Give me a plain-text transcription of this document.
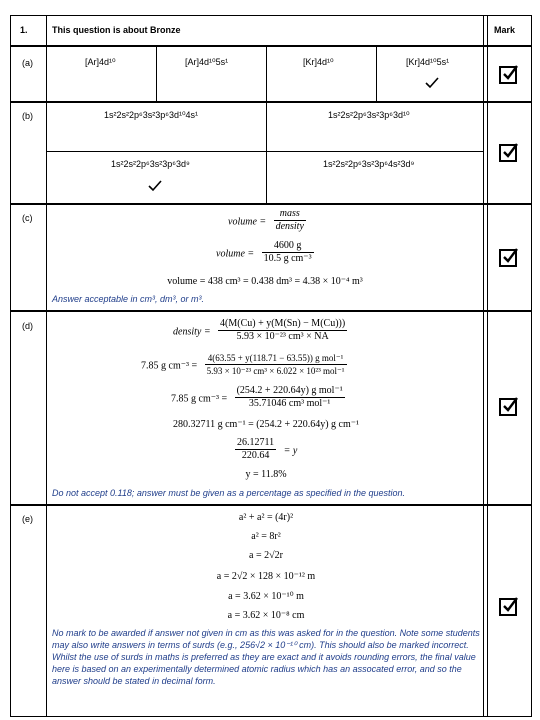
1.	This question is about Bronze	Mark
(a)	[Ar]4d¹⁰	[Ar]4d¹⁰5s¹	[Kr]4d¹⁰	[Kr]4d¹⁰5s¹
(b)	1s²2s²2p⁶3s²3p⁶3d¹⁰4s¹	1s²2s²2p⁶3s²3p⁶3d¹⁰
1s²2s²2p⁶3s²3p⁶3d⁹	1s²2s²2p⁶3s²3p⁶4s²3d⁹
(c)	volume = $\frac{\text{mass}}{\text{density}}$
volume = $\frac{4600 g}{\text{10.5 g cm⁻³}}$
volume = 438 cm³ = 0.438 dm³ = 4.38 × 10⁻⁴ m³
Answer acceptable in cm³, dm³, or m³.
(d)
density = $\frac{4(M(Cu) + y(M(Sn) - M(Cu)))}{\text{5.93 × 10⁻²³ cm³ × NA}}$
7.85 g $cm^{-3} = \frac{\text{4(63.55 + y(118.71 − 63.55)) g mol⁻¹}}{\text{5.93 × 10⁻²³ cm³ × 6.022 × 10²³ mol⁻¹}}$
7.85 g $cm^{-3} = \frac{\text{(254.2 + 220.64y) g mol⁻¹}}{\text{35.71046 cm³ mol⁻¹}}$
280.32711 g cm⁻¹ = (254.2 + 220.64y) g cm⁻¹
$\frac{26.12711}{220.64} = y$
y = 11.8%
Do not accept 0.118; answer must be given as a percentage as specified in the question.
(e)	a² + a² = (4r)²
a² = 8r²
a = 2√2r
a = 2√2 × 128 × 10⁻¹² m
a = 3.62 × 10⁻¹⁰ m
a = 3.62 × 10⁻⁸ cm
No mark to be awarded if answer not given in cm as this was asked for in the question. Note some students may also write answers in terms of surds (e.g., 256√2 × 10⁻¹⁰ cm). This should also be marked incorrect. Whilst the use of surds in maths is preferred as they are exact and it avoids rounding errors, the final value here is based on an experimentally determined atomic radius which has an assocated error, and so the answer should be stated in decimal form.
